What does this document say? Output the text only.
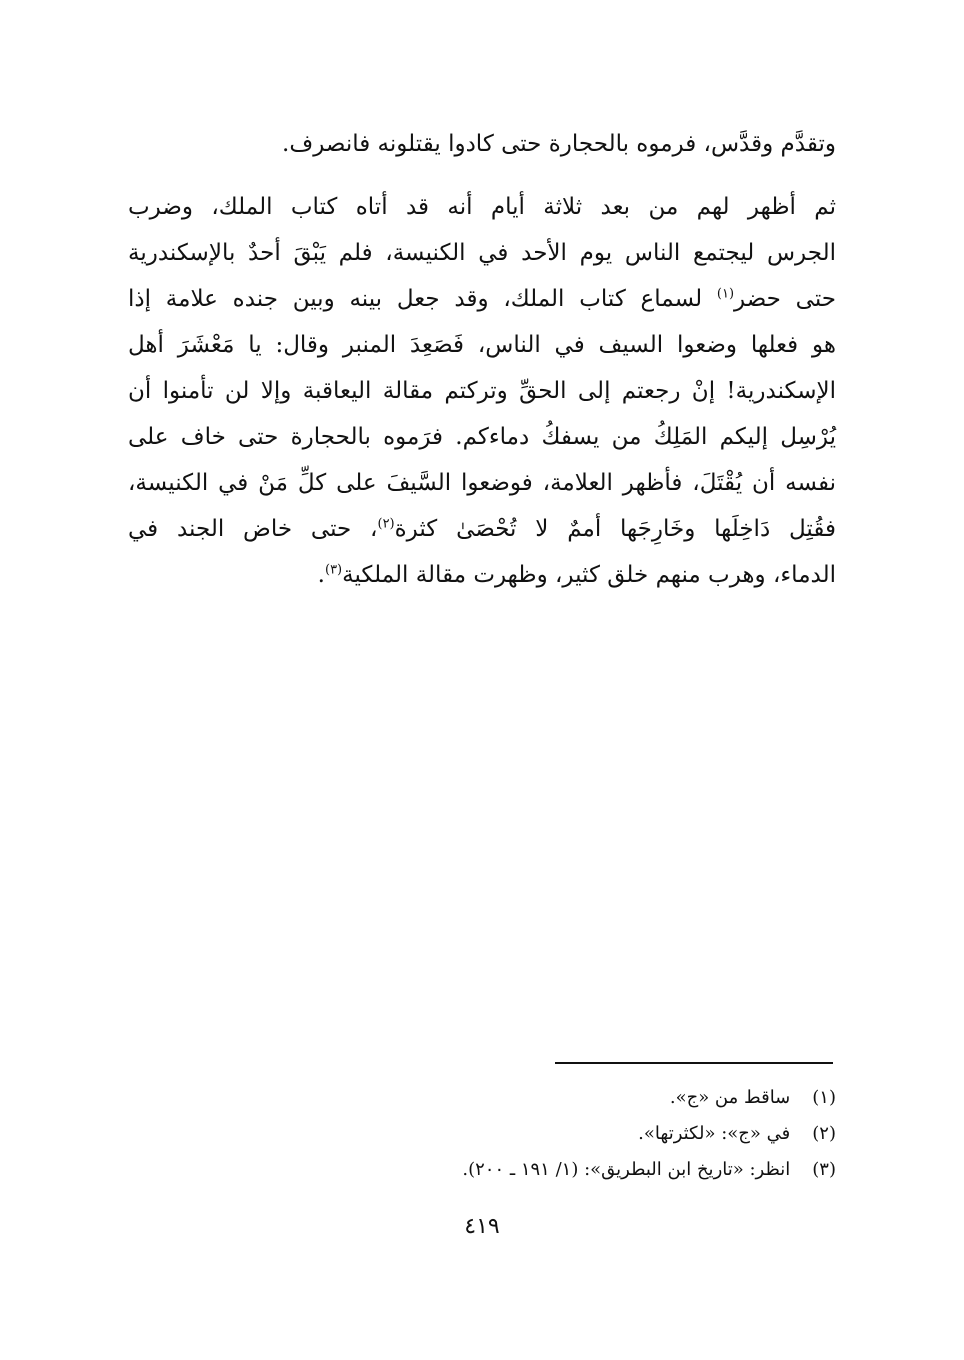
وتقدَّم وقدَّس، فرموه بالحجارة حتى كادوا يقتلونه فانصرف.
ثم أظهر لهم من بعد ثلاثة أيام أنه قد أتاه كتاب الملك، وضرب
الجرس ليجتمع الناس يوم الأحد في الكنيسة، فلم يَبْقَ أحدٌ بالإسكندرية
حتى حضر$^{(١)}$ لسماع كتاب الملك، وقد جعل بينه وبين جنده علامة إذا
هو فعلها وضعوا السيف في الناس، فَصَعِدَ المنبر وقال: يا مَعْشَرَ أهل
الإسكندرية! إنْ رجعتم إلى الحقِّ وتركتم مقالة اليعاقبة وإلا لن تأمنوا أن
يُرْسِل إليكم المَلِكُ من يسفكُ دماءكم. فرَموه بالحجارة حتى خاف على
نفسه أن يُقْتَلَ، فأظهر العلامة، فوضعوا السَّيفَ على كلِّ مَنْ في الكنيسة،
فقُتِل دَاخِلَها وخَارِجَها أممٌ لا تُحْصَىٰ كثرة$^{(٢)}$، حتى خاض الجند في
الدماء، وهرب منهم خلق كثير، وظهرت مقالة الملكية$^{(٣)}$.
(١) ساقط من «ج».
(٢) في «ج»: «لكثرتها».
(٣) انظر: «تاريخ ابن البطريق»: (١/ ١٩١ ـ ٢٠٠).
٤١٩
